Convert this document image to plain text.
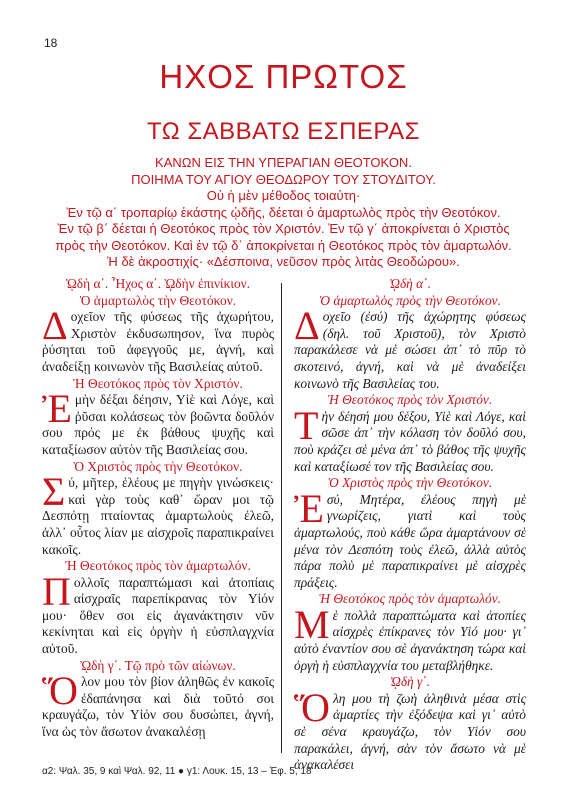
18
ΗΧΟΣ ΠΡΩΤΟΣ
ΤΩ ΣΑΒΒΑΤΩ ΕΣΠΕΡΑΣ
ΚΑΝΩΝ ΕΙΣ ΤΗΝ ΥΠΕΡΑΓΙΑΝ ΘΕΟΤΟΚΟΝ.
ΠΟΙΗΜΑ ΤΟΥ ΑΓΙΟΥ ΘΕΟΔΩΡΟΥ ΤΟΥ ΣΤΟΥΔΙΤΟΥ.
Οὐ ἡ μὲν μέθοδος τοιαύτη·
Ἐν τῷ α΄ τροπαρίῳ ἑκάστης ᾠδῆς, δέεται ὁ ἁμαρτωλὸς πρὸς τὴν Θεοτόκον.
Ἐν τῷ β΄ δέεται ἡ Θεοτόκος πρὸς τὸν Χριστόν. Ἐν τῷ γ΄ ἀποκρίνεται ὁ Χριστὸς
πρὸς τὴν Θεοτόκον. Καὶ ἐν τῷ δ΄ ἀποκρίνεται ἡ Θεοτόκος πρὸς τὸν ἁμαρτωλόν.
Ἡ δὲ ἀκροστιχίς· «Δέσποινα, νεῦσον πρὸς λιτὰς Θεοδώρου».
ᾨδὴ α΄. Ἦχος α΄. ᾨδὴν ἐπινίκιον.
Ὁ ἁμαρτωλὸς τὴν Θεοτόκον.

Δοχεῖον τῆς φύσεως τῆς ἀχωρήτου, Χριστὸν ἐκδυσωπησον, ἵνα πυρὸς ῥύσηται τοῦ ἀφεγγοῦς με, ἁγνή, καὶ ἀναδείξῃ κοινωνὸν τῆς Βασιλείας αὐτοῦ.

Ἡ Θεοτόκος πρὸς τὸν Χριστόν.

Ἐμὴν δέξαι δέησιν, Υἱὲ καὶ Λόγε, καὶ ῥῦσαι κολάσεως τὸν βοῶντα δοῦλόν σου πρός με ἐκ βάθους ψυχῆς καὶ καταξίωσον αὐτὸν τῆς Βασιλείας σου.

Ὁ Χριστὸς πρὸς τὴν Θεοτόκον.

Σύ, μῆτερ, ἐλέους με πηγὴν γινώσκεις· καὶ γὰρ τοὺς καθ᾽ ὥραν μοι τῷ Δεσπότῃ πταίοντας ἁμαρτωλοὺς ἐλεῶ, ἀλλ᾽ οὗτος λίαν με αἰσχροῖς παραπικραίνει κακοῖς.

Ἡ Θεοτόκος πρὸς τὸν ἁμαρτωλόν.

Πολλοῖς παραπτώμασι καὶ ἀτοπίαις αἰσχραῖς παρεπίκρανας τὸν Υἱόν μου· ὅθεν σοι εἰς ἀγανάκτησιν νῦν κεκίνηται καὶ εἰς ὀργὴν ἡ εὐσπλαγχνία αὐτοῦ.

ᾨδὴ γ΄. Τῷ πρὸ τῶν αἰώνων.

Ὅλον μου τὸν βίον ἀληθῶς ἐν κακοῖς ἐδαπάνησα καὶ διὰ τοῦτό σοι κραυγάζω, τὸν Υἱόν σου δυσώπει, ἁγνή, ἵνα ὡς τὸν ἄσωτον ἀνακαλέσῃ

ᾨδὴ α΄.
Ὁ ἁμαρτωλὸς πρὸς τὴν Θεοτόκον.

Δοχεῖο (ἐσύ) τῆς ἀχώρητης φύσεως (δηλ. τοῦ Χριστοῦ), τὸν Χριστὸ παρακάλεσε νὰ μὲ σώσει ἀπ᾽ τὸ πῦρ τὸ σκοτεινό, ἁγνή, καὶ νὰ μὲ ἀναδείξει κοινωνὸ τῆς Βασιλείας του.

Ἡ Θεοτόκος πρὸς τὸν Χριστόν.

Τὴν δέησή μου δέξου, Υἱὲ καὶ Λόγε, καὶ σῶσε ἀπ᾽ τὴν κόλαση τὸν δοῦλό σου, ποὺ κράζει σὲ μένα ἀπ᾽ τὸ βάθος τῆς ψυχῆς καὶ καταξίωσέ τον τῆς Βασιλείας σου.

Ὁ Χριστὸς πρὸς τὴν Θεοτόκον.

Ἐσύ, Μητέρα, ἐλέους πηγὴ μὲ γνωρίζεις, γιατὶ καὶ τοὺς ἁμαρτωλούς, ποὺ κάθε ὥρα ἁμαρτάνουν σὲ μένα τὸν Δεσπότη τοὺς ἐλεῶ, ἀλλὰ αὐτὸς πάρα πολὺ μὲ παραπικραίνει μὲ αἰσχρὲς πράξεις.

Ἡ Θεοτόκος πρὸς τὸν ἁμαρτωλόν.

Μὲ πολλὰ παραπτώματα καὶ ἀτοπίες αἰσχρὲς ἐπίκρανες τὸν Υἱό μου· γι᾽ αὐτὸ ἐναντίον σου σὲ ἀγανάκτηση τώρα καὶ ὀργὴ ἡ εὐσπλαγχνία του μεταβλήθηκε.

ᾨδὴ γ΄.

Ὅλη μου τὴ ζωὴ ἀληθινὰ μέσα στὶς ἁμαρτίες τὴν ἐξόδεψα καὶ γι᾽ αὐτὸ σὲ σένα κραυγάζω, τὸν Υἱόν σου παρακάλει, ἁγνή, σὰν τὸν ἄσωτο νὰ μὲ ἀνακαλέσει

α2: Ψαλ. 35, 9 καὶ Ψαλ. 92, 11 ● γ1: Λουκ. 15, 13 – Ἐφ. 5, 18
